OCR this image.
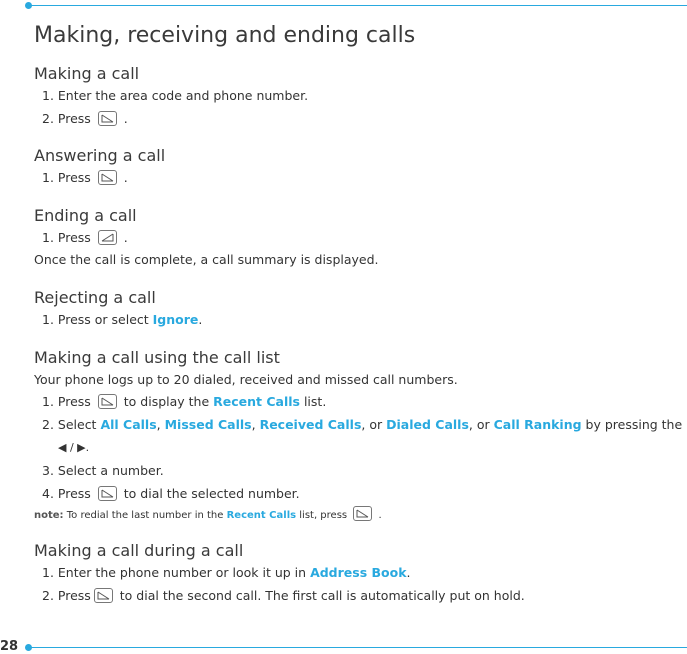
Making, receiving and ending calls
Making a call
1. Enter the area code and phone number.
2. Press	.
Answering a call
1. Press	.
Ending a call
1. Press	.
Once the call is complete, a call summary is displayed.
Rejecting a call
1. Press or select Ignore.
Making a call using the call list
Your phone logs up to 20 dialed, received and missed call numbers.
1. Press
to display the Recent Calls list.
2. Select All Calls, Missed Calls, Received Calls, or Dialed Calls, or Call Ranking by pressing the
◀ / ▶.
3. Select a number.
4. Press
to dial the selected number.
note: To redial the last number in the Recent Calls list, press	.
Making a call during a call
1. Enter the phone number or look it up in Address Book.
2. Press
to dial the second call. The first call is automatically put on hold.
28
